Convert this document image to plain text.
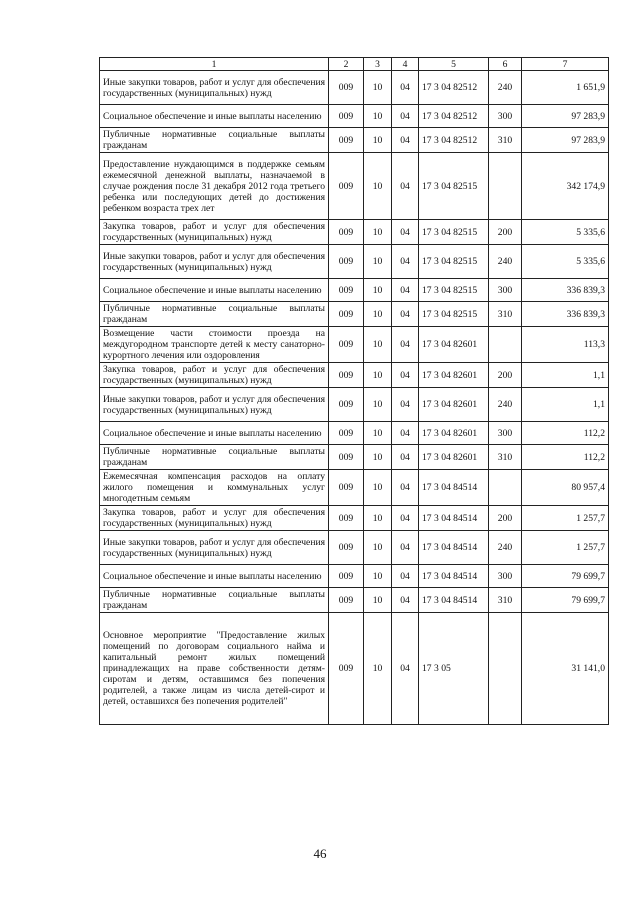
1	2	3	4	5	6	7
Иные закупки товаров, работ и услуг для обеспечения государственных (муниципальных) нужд	009	10	04	17 3 04 82512	240	1 651,9
Социальное обеспечение и иные выплаты населению	009	10	04	17 3 04 82512	300	97 283,9
Публичные нормативные социальные выплаты гражданам	009	10	04	17 3 04 82512	310	97 283,9
Предоставление нуждающимся в поддержке семьям ежемесячной денежной выплаты, назначаемой в случае рождения после 31 декабря 2012 года третьего ребенка или последующих детей до достижения ребенком возраста трех лет	009	10	04	17 3 04 82515		342 174,9
Закупка товаров, работ и услуг для обеспечения государственных (муниципальных) нужд	009	10	04	17 3 04 82515	200	5 335,6
Иные закупки товаров, работ и услуг для обеспечения государственных (муниципальных) нужд	009	10	04	17 3 04 82515	240	5 335,6
Социальное обеспечение и иные выплаты населению	009	10	04	17 3 04 82515	300	336 839,3
Публичные нормативные социальные выплаты гражданам	009	10	04	17 3 04 82515	310	336 839,3
Возмещение части стоимости проезда на междугородном транспорте детей к месту санаторно-курортного лечения или оздоровления	009	10	04	17 3 04 82601		113,3
Закупка товаров, работ и услуг для обеспечения государственных (муниципальных) нужд	009	10	04	17 3 04 82601	200	1,1
Иные закупки товаров, работ и услуг для обеспечения государственных (муниципальных) нужд	009	10	04	17 3 04 82601	240	1,1
Социальное обеспечение и иные выплаты населению	009	10	04	17 3 04 82601	300	112,2
Публичные нормативные социальные выплаты гражданам	009	10	04	17 3 04 82601	310	112,2
Ежемесячная компенсация расходов на оплату жилого помещения и коммунальных услуг многодетным семьям	009	10	04	17 3 04 84514		80 957,4
Закупка товаров, работ и услуг для обеспечения государственных (муниципальных) нужд	009	10	04	17 3 04 84514	200	1 257,7
Иные закупки товаров, работ и услуг для обеспечения государственных (муниципальных) нужд	009	10	04	17 3 04 84514	240	1 257,7
Социальное обеспечение и иные выплаты населению	009	10	04	17 3 04 84514	300	79 699,7
Публичные нормативные социальные выплаты гражданам	009	10	04	17 3 04 84514	310	79 699,7
Основное мероприятие "Предоставление жилых помещений по договорам социального найма и капитальный ремонт жилых помещений принадлежащих на праве собственности детям-сиротам и детям, оставшимся без попечения родителей, а также лицам из числа детей-сирот и детей, оставшихся без попечения родителей"	009	10	04	17 3 05		31 141,0
46
